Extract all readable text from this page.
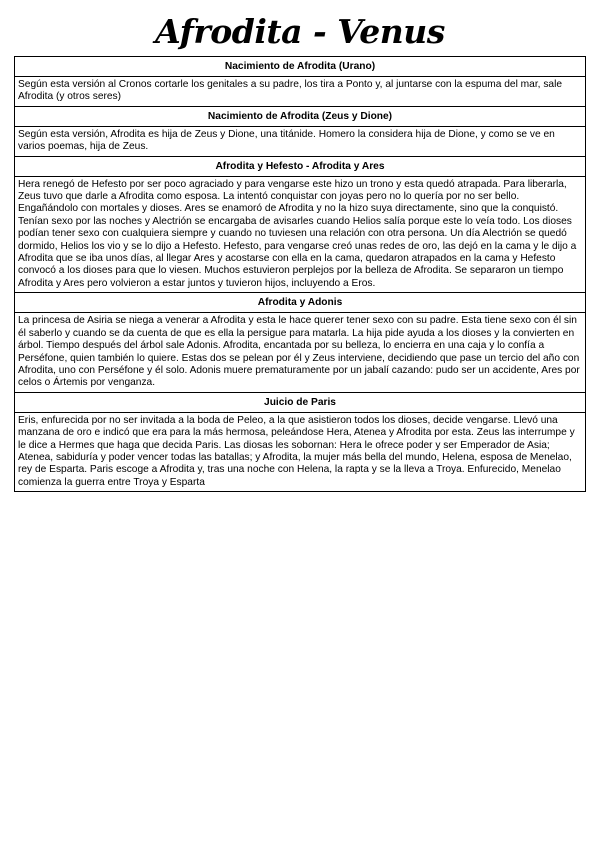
Afrodita - Venus
Nacimiento de Afrodita (Urano)
Según esta versión al Cronos cortarle los genitales a su padre, los tira a Ponto y, al juntarse con la espuma del mar, sale Afrodita (y otros seres)
Nacimiento de Afrodita (Zeus y Dione)
Según esta versión, Afrodita es hija de Zeus y Dione, una titánide. Homero la considera hija de Dione, y como se ve en varios poemas, hija de Zeus.
Afrodita y Hefesto - Afrodita y Ares
Hera renegó de Hefesto por ser poco agraciado y para vengarse este hizo un trono y esta quedó atrapada. Para liberarla, Zeus tuvo que darle a Afrodita como esposa. La intentó conquistar con joyas pero no lo quería por no ser bello. Engañándolo con mortales y dioses. Ares se enamoró de Afrodita y no la hizo suya directamente, sino que la conquistó. Tenían sexo por las noches y Alectrión se encargaba de avisarles cuando Helios salía porque este lo veía todo. Los dioses podían tener sexo con cualquiera siempre y cuando no tuviesen una relación con otra persona. Un día Alectrión se quedó dormido, Helios los vio y se lo dijo a Hefesto. Hefesto, para vengarse creó unas redes de oro, las dejó en la cama y le dijo a Afrodita que se iba unos días, al llegar Ares y acostarse con ella en la cama, quedaron atrapados en la cama y Hefesto convocó a los dioses para que lo viesen. Muchos estuvieron perplejos por la belleza de Afrodita. Se separaron un tiempo Afrodita y Ares pero volvieron a estar juntos y tuvieron hijos, incluyendo a Eros.
Afrodita y Adonis
La princesa de Asiria se niega a venerar a Afrodita y esta le hace querer tener sexo con su padre. Esta tiene sexo con él sin él saberlo y cuando se da cuenta de que es ella la persigue para matarla. La hija pide ayuda a los dioses y la convierten en árbol. Tiempo después del árbol sale Adonis. Afrodita, encantada por su belleza, lo encierra en una caja y lo confía a Perséfone, quien también lo quiere. Estas dos se pelean por él y Zeus interviene, decidiendo que pase un tercio del año con Afrodita, uno con Perséfone y él solo. Adonis muere prematuramente por un jabalí cazando: pudo ser un accidente, Ares por celos o Ártemis por venganza.
Juicio de Paris
Eris, enfurecida por no ser invitada a la boda de Peleo, a la que asistieron todos los dioses, decide vengarse. Llevó una manzana de oro e indicó que era para la más hermosa, peleándose Hera, Atenea y Afrodita por esta. Zeus las interrumpe y le dice a Hermes que haga que decida Paris. Las diosas les sobornan: Hera le ofrece poder y ser Emperador de Asia; Atenea, sabiduría y poder vencer todas las batallas; y Afrodita, la mujer más bella del mundo, Helena, esposa de Menelao, rey de Esparta. Paris escoge a Afrodita y, tras una noche con Helena, la rapta y se la lleva a Troya. Enfurecido, Menelao comienza la guerra entre Troya y Esparta
